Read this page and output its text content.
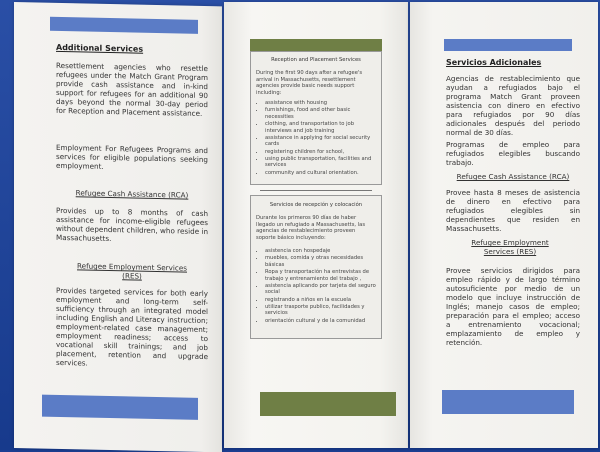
Additional Services

Resettlement agencies who resettle refugees under the Match Grant Program provide cash assistance and in-kind support for refugees for an additional 90 days beyond the normal 30-day period for Reception and Placement assistance.

Employment For Refugees Programs and services for eligible populations seeking employment.

Refugee Cash Assistance (RCA)

Provides up to 8 months of cash assistance for income-eligible refugees without dependent children, who reside in Massachusetts.

Refugee Employment Services (RES)

Provides targeted services for both early employment and long-term self-sufficiency through an integrated model including English and Literacy instruction; employment-related case management; employment readiness; access to vocational skill trainings; and job placement, retention and upgrade services.

Reception and Placement Services

During the first 90 days after a refugee's arrival in Massachusetts, resettlement agencies provide basic needs support including:

• assistance with housing
• furnishings, food and other basic necessities
• clothing, and transportation to job interviews and job training
• assistance in applying for social security cards
• registering children for school,
• using public transportation, facilities and services
• community and cultural orientation.

Servicios de recepción y colocación

Durante los primeros 90 días de haber llegado un refugiado a Massachusetts, las agencias de restablecimiento proveen soporte básico incluyendo:

• asistencia con hospedaje
• muebles, comida y otras necesidades básicas
• Ropa y transportación ha entrevistas de trabajo y entrenamiento del trabajo ,
• asistencia aplicando por tarjeta del seguro social
• registrando a niños en la escuela
• utilizar trasporte publico, facilidades y servicios
• orientación cultural y de la comunidad

Servicios Adicionales

Agencias de restablecimiento que ayudan a refugiados bajo el programa Match Grant proveen asistencia con dinero en efectivo para refugiados por 90 días adicionales después del periodo normal de 30 días.

Programas de empleo para refugiados elegibles buscando trabajo.

Refugee Cash Assistance (RCA)

Provee hasta 8 meses de asistencia de dinero en efectivo para refugiados elegibles sin dependientes que residen en Massachusetts.

Refugee Employment Services (RES)

Provee servicios dirigidos para empleo rápido y de largo término autosuficiente por medio de un modelo que incluye instrucción de Inglés; manejo casos de empleo; preparación para el empleo; acceso a entrenamiento vocacional; emplazamiento de empleo y retención.
